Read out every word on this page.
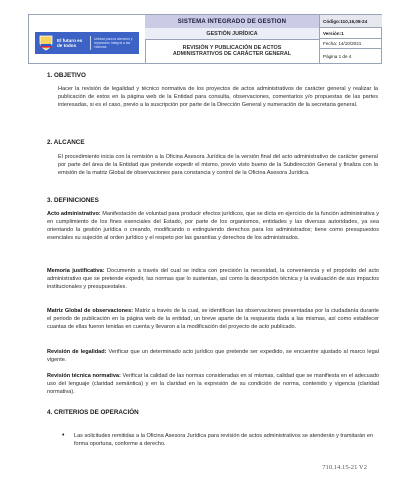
El futuro es de todos
Unidad para la atención y reparación integral a las víctimas
SISTEMA INTEGRADO DE GESTION
GESTIÓN JURÍDICA
REVISIÓN Y PUBLICACIÓN DE ACTOS
ADMINISTRATIVOS DE CARÁCTER GENERAL
Código:110,16,08-24
Versión:1
Fecha: 14/10/2021
Página 1 de 4
1. OBJETIVO
Hacer la revisión de legalidad y técnico normativa de los proyectos de actos administrativos de carácter general y realizar la publicación de estos en la página web de la Entidad para consulta, observaciones, comentarios y/o propuestas de las partes interesadas, si es el caso, previo a la suscripción por parte de la Dirección General y numeración de la secretaria general.
2. ALCANCE
El procedimiento inicia con la remisión a la Oficina Asesora Jurídica de la versión final del acto administrativo de carácter general por parte del área de la Entidad que pretende expedir el mismo, previo visto bueno de la Subdirección General y finaliza con la emisión de la matriz Global de observaciones para constancia y control de la Oficina Asesora Jurídica.
3. DEFINICIONES
Acto administrativo: Manifestación de voluntad para producir efectos jurídicos, que se dicta en ejercicio de la función administrativa y en cumplimiento de los fines esenciales del Estado, por parte de los organismos, entidades y las diversas autoridades, ya sea orientando la gestión jurídica o creando, modificando o extinguiendo derechos para los administrados; tiene como presupuestos esenciales su sujeción al orden jurídico y el respeto por las garantías y derechos de los administrados.
Memoria justificativa: Documento a través del cual se indica con precisión la necesidad, la conveniencia y el propósito del acto administrativo que se pretende expedir, las normas que lo sustentan, así como la descripción técnica y la evaluación de sus impactos institucionales y presupuestales.
Matriz Global de observaciones: Matriz a través de la cual, se identifican las observaciones presentadas por la ciudadanía durante el periodo de publicación en la página web de la entidad, un breve aparte de la respuesta dada a las mismas, así como establecer cuantas de ellas fueron tenidas en cuenta y llevaron a la modificación del proyecto de acto publicado.
Revisión de legalidad: Verificar que un determinado acto jurídico que pretende ser expedido, se encuentre ajustado al marco legal vigente.
Revisión técnica normativa: Verificar la calidad de las normas consideradas en sí mismas, calidad que se manifiesta en el adecuado uso del lenguaje (claridad semántica) y en la claridad en la expresión de su condición de norma, contenido y vigencia (claridad normativa).
4. CRITERIOS DE OPERACIÓN
• Las solicitudes remitidas a la Oficina Asesora Jurídica para revisión de actos administrativos se atenderán y tramitarán en forma oportuna, conforme a derecho.
710.14.15-21 V2
